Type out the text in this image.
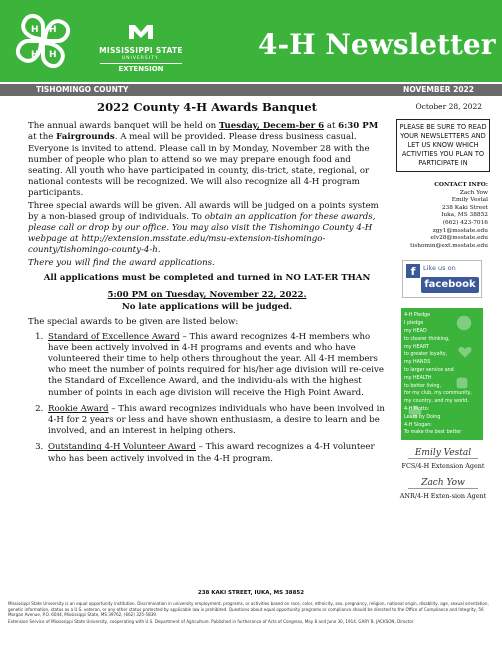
H H
H
H	MISSISSIPPI STATE
UNIVERSITY.
EXTENSION
4-H Newsletter
TISHOMINGO COUNTY	NOVEMBER 2022
2022 County 4-H Awards Banquet

The annual awards banquet will be held on Tuesday, Decem-ber 6 at 6:30 PM at the Fairgrounds. A meal will be provided. Please dress business casual. Everyone is invited to attend. Please call in by Monday, November 28 with the number of people who plan to attend so we may prepare enough food and seating. All youth who have participated in county, dis-trict, state, regional, or national contests will be recognized. We will also recognize all 4-H program participants.

Three special awards will be given. All awards will be judged on a points system by a non-biased group of individuals. To obtain an application for these awards, please call or drop by our office. You may also visit the Tishomingo County 4-H webpage at http://extension.msstate.edu/msu-extension-tishomingo-county/tishomingo-county-4-h.

There you will find the award applications.

All applications must be completed and turned in NO LAT-ER THAN

5:00 PM on Tuesday, November 22, 2022.

No late applications will be judged.

The special awards to be given are listed below:

1. Standard of Excellence Award – This award recognizes 4-H members who have been actively involved in 4-H programs and events and who have volunteered their time to help others throughout the year. All 4-H members who meet the number of points required for his/her age division will re-ceive the Standard of Excellence Award, and the individu-als with the highest number of points in each age division will receive the High Point Award.
2. Rookie Award – This award recognizes individuals who have been involved in 4-H for 2 years or less and have shown enthusiasm, a desire to learn and be involved, and an interest in helping others.
3. Outstanding 4-H Volunteer Award – This award recognizes a 4-H volunteer who has been actively involved in the 4-H program.
238 KAKI STREET, IUKA, MS 38852
October 28, 2022
PLEASE BE SURE TO READ YOUR NEWSLETTERS AND LET US KNOW WHICH ACTIVITIES YOU PLAN TO PARTICIPATE IN
CONTACT INFO:
Zach Yow
Emily Vestal
238 Kaki Street
Iuka, MS 38852
(662) 423-7016
zgy1@msstate.edu
elv28@msstate.edu
tishomin@ext.msstate.edu
f	Like us on
facebook
4-H Pledge
I pledge
my HEAD
to clearer thinking,
my HEART
to greater loyalty,
my HANDS
to larger service and
my HEALTH
to better living,
for my club, my community,
my country, and my world.
4-H Motto:
Learn by Doing
4-H Slogan:
To make the best better
Emily Vestal
FCS/4-H Extension Agent
Zach Yow
ANR/4-H Exten-sion Agent
Mississippi State University is an equal opportunity institution. Discrimination in university employment, programs, or activities based on race, color, ethnicity, sex, pregnancy, religion, national origin, disability, age, sexual orientation, genetic information, status as a U.S. veteran, or any other status protected by applicable law is prohibited. Questions about equal opportunity programs or compliance should be directed to the Office of Compliance and Integrity, 56 Morgan Avenue, P.O. 6044, Mississippi State, MS 39762, (662) 325-5839.
Extension Service of Mississippi State University, cooperating with U.S. Department of Agriculture. Published in furtherance of Acts of Congress, May 8 and June 30, 1914. GARY B. JACKSON, Director
